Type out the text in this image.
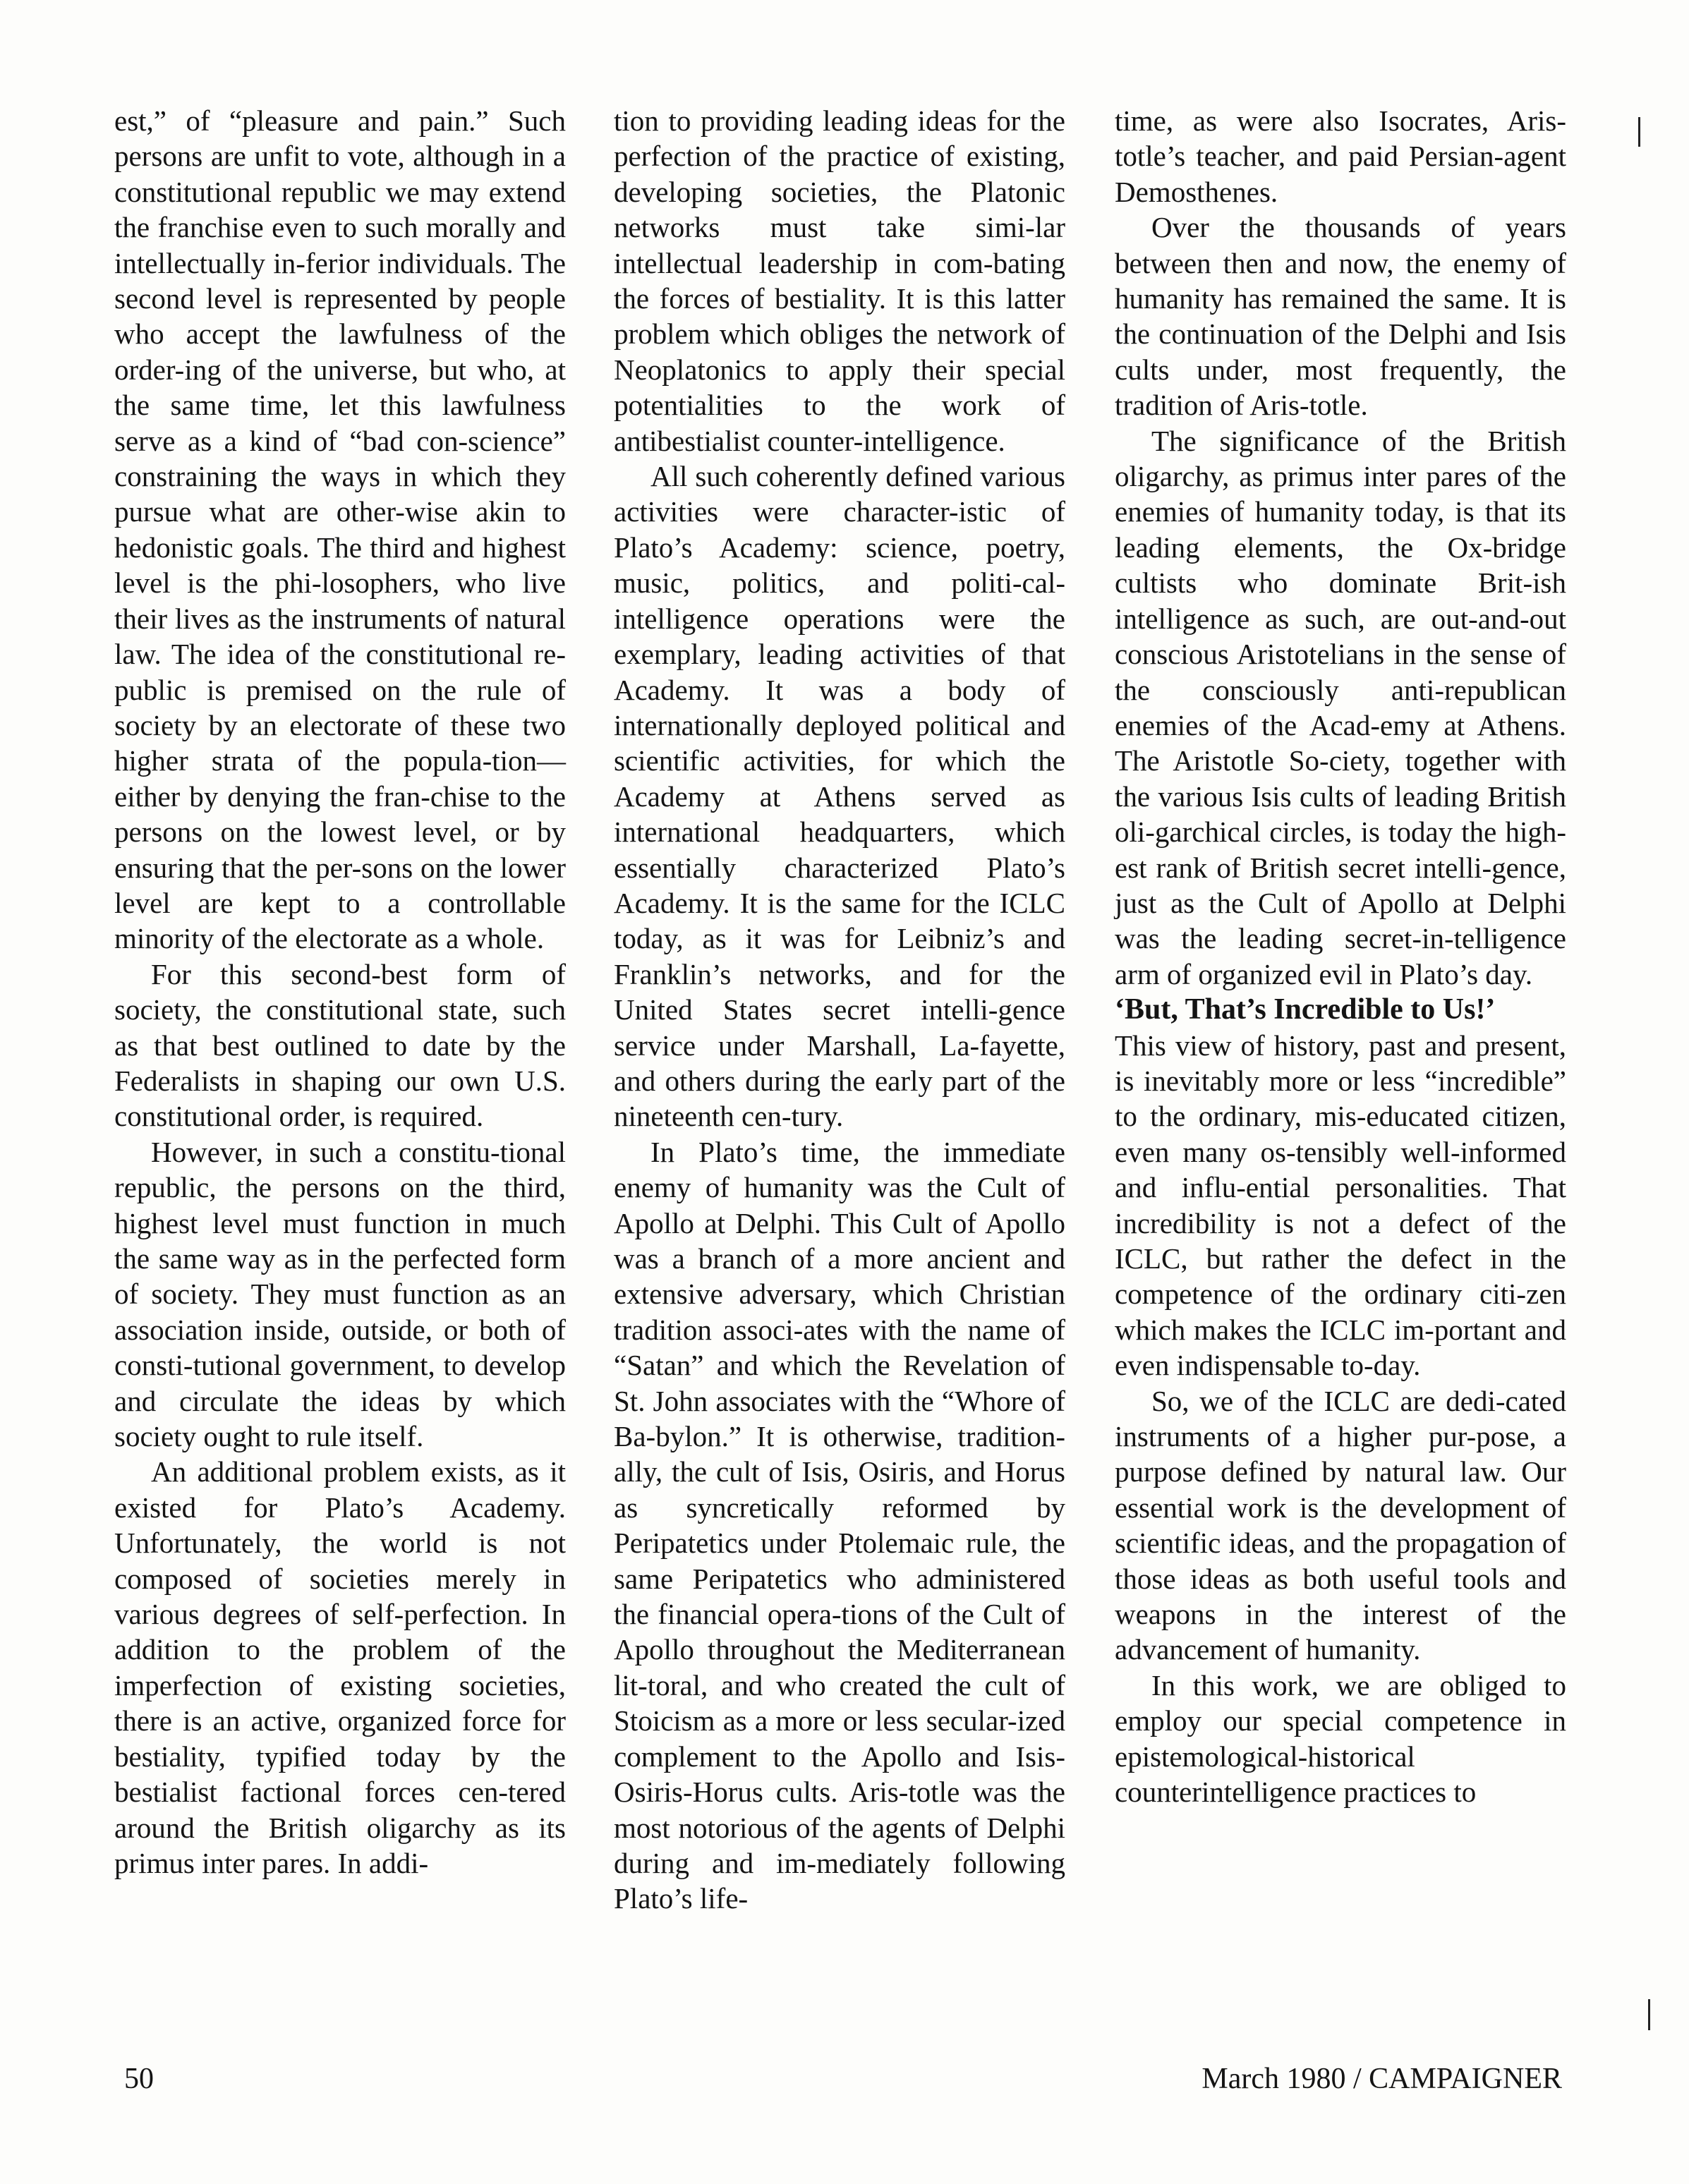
est,” of “pleasure and pain.” Such persons are unfit to vote, although in a constitutional republic we may extend the franchise even to such morally and intellectually in-ferior individuals. The second level is represented by people who accept the lawfulness of the order-ing of the universe, but who, at the same time, let this lawfulness serve as a kind of “bad con-science” constraining the ways in which they pursue what are other-wise akin to hedonistic goals. The third and highest level is the phi-losophers, who live their lives as the instruments of natural law. The idea of the constitutional re-public is premised on the rule of society by an electorate of these two higher strata of the popula-tion—either by denying the fran-chise to the persons on the lowest level, or by ensuring that the per-sons on the lower level are kept to a controllable minority of the electorate as a whole.

For this second-best form of society, the constitutional state, such as that best outlined to date by the Federalists in shaping our own U.S. constitutional order, is required.

However, in such a constitu-tional republic, the persons on the third, highest level must function in much the same way as in the perfected form of society. They must function as an association inside, outside, or both of consti-tutional government, to develop and circulate the ideas by which society ought to rule itself.

An additional problem exists, as it existed for Plato’s Academy. Unfortunately, the world is not composed of societies merely in various degrees of self-perfection. In addition to the problem of the imperfection of existing societies, there is an active, organized force for bestiality, typified today by the bestialist factional forces cen-tered around the British oligarchy as its primus inter pares. In addi-

tion to providing leading ideas for the perfection of the practice of existing, developing societies, the Platonic networks must take simi-lar intellectual leadership in com-bating the forces of bestiality. It is this latter problem which obliges the network of Neoplatonics to apply their special potentialities to the work of antibestialist counter-intelligence.

All such coherently defined various activities were character-istic of Plato’s Academy: science, poetry, music, politics, and politi-cal-intelligence operations were the exemplary, leading activities of that Academy. It was a body of internationally deployed political and scientific activities, for which the Academy at Athens served as international headquarters, which essentially characterized Plato’s Academy. It is the same for the ICLC today, as it was for Leibniz’s and Franklin’s networks, and for the United States secret intelli-gence service under Marshall, La-fayette, and others during the early part of the nineteenth cen-tury.

In Plato’s time, the immediate enemy of humanity was the Cult of Apollo at Delphi. This Cult of Apollo was a branch of a more ancient and extensive adversary, which Christian tradition associ-ates with the name of “Satan” and which the Revelation of St. John associates with the “Whore of Ba-bylon.” It is otherwise, tradition-ally, the cult of Isis, Osiris, and Horus as syncretically reformed by Peripatetics under Ptolemaic rule, the same Peripatetics who administered the financial opera-tions of the Cult of Apollo throughout the Mediterranean lit-toral, and who created the cult of Stoicism as a more or less secular-ized complement to the Apollo and Isis-Osiris-Horus cults. Aris-totle was the most notorious of the agents of Delphi during and im-mediately following Plato’s life-

time, as were also Isocrates, Aris-totle’s teacher, and paid Persian-agent Demosthenes.

Over the thousands of years between then and now, the enemy of humanity has remained the same. It is the continuation of the Delphi and Isis cults under, most frequently, the tradition of Aris-totle.

The significance of the British oligarchy, as primus inter pares of the enemies of humanity today, is that its leading elements, the Ox-bridge cultists who dominate Brit-ish intelligence as such, are out-and-out conscious Aristotelians in the sense of the consciously anti-republican enemies of the Acad-emy at Athens. The Aristotle So-ciety, together with the various Isis cults of leading British oli-garchical circles, is today the high-est rank of British secret intelli-gence, just as the Cult of Apollo at Delphi was the leading secret-in-telligence arm of organized evil in Plato’s day.

‘But, That’s Incredible to Us!’

This view of history, past and present, is inevitably more or less “incredible” to the ordinary, mis-educated citizen, even many os-tensibly well-informed and influ-ential personalities. That incredibility is not a defect of the ICLC, but rather the defect in the competence of the ordinary citi-zen which makes the ICLC im-portant and even indispensable to-day.

So, we of the ICLC are dedi-cated instruments of a higher pur-pose, a purpose defined by natural law. Our essential work is the development of scientific ideas, and the propagation of those ideas as both useful tools and weapons in the interest of the advancement of humanity.

In this work, we are obliged to employ our special competence in epistemological-historical counterintelligence practices to

50	March 1980 / CAMPAIGNER
